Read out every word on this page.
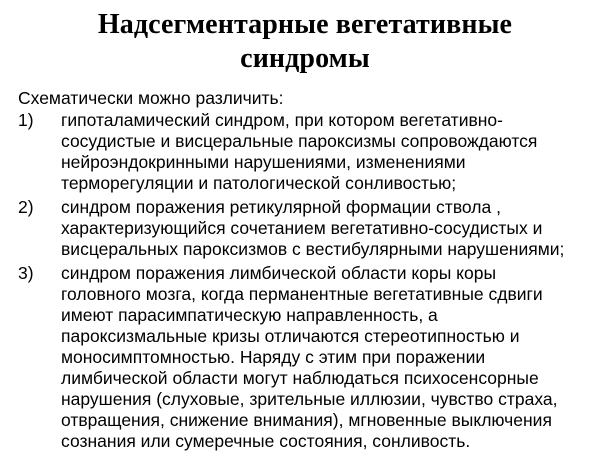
Надсегментарные вегетативные
синдромы

Схематически можно различить:

1) гипоталамический синдром, при котором вегетативно-
сосудистые и висцеральные пароксизмы сопровождаются
нейроэндокринными нарушениями, изменениями
терморегуляции и патологической сонливостью;
2) синдром поражения ретикулярной формации ствола ,
характеризующийся сочетанием вегетативно-сосудистых и
висцеральных пароксизмов с вестибулярными нарушениями;
3) синдром поражения лимбической области коры коры
головного мозга, когда перманентные вегетативные сдвиги
имеют парасимпатическую направленность, а
пароксизмальные кризы отличаются стереотипностью и
моносимптомностью. Наряду с этим при поражении
лимбической области могут наблюдаться психосенсорные
нарушения (слуховые, зрительные иллюзии, чувство страха,
отвращения, снижение внимания), мгновенные выключения
сознания или сумеречные состояния, сонливость.
